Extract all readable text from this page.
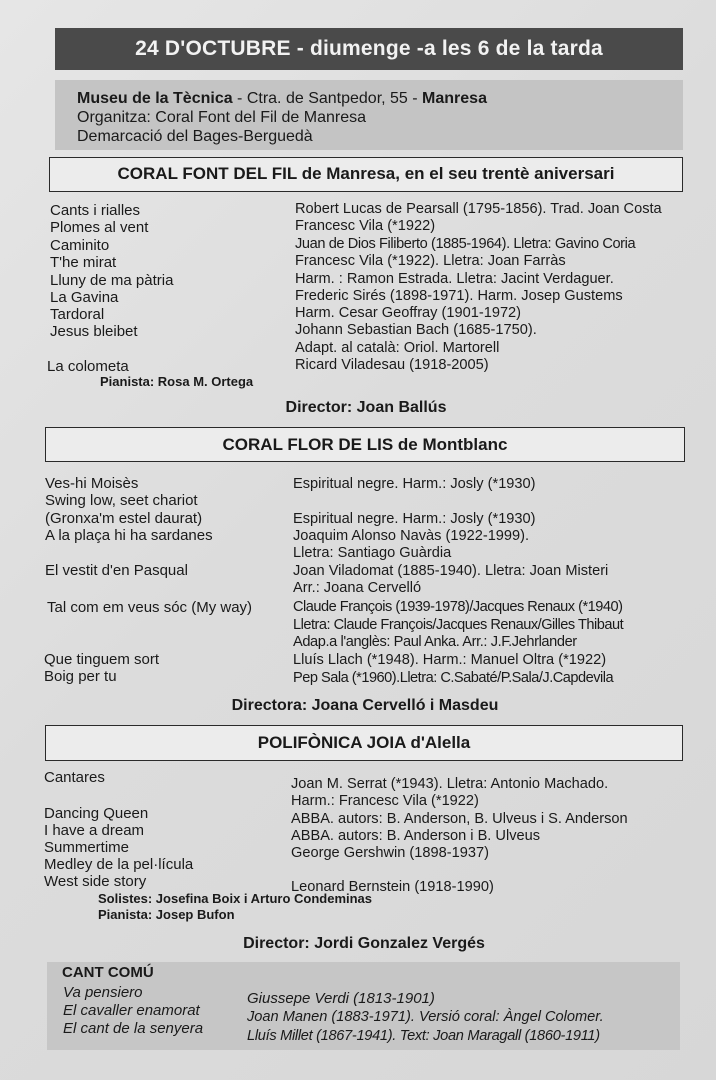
24 D'OCTUBRE - diumenge -a les 6 de la tarda
Museu de la Tècnica - Ctra. de Santpedor, 55 - Manresa
Organitza: Coral Font del Fil de Manresa
Demarcació del Bages-Berguedà
CORAL FONT DEL FIL de Manresa, en el seu trentè aniversari
Cants i rialles	Robert Lucas de Pearsall (1795-1856). Trad. Joan Costa
Plomes al vent	Francesc Vila (*1922)
Caminito	Juan de Dios Filiberto (1885-1964). Lletra: Gavino Coria
T'he mirat	Francesc Vila (*1922). Lletra: Joan Farràs
Lluny de ma pàtria	Harm. : Ramon Estrada. Lletra: Jacint Verdaguer.
La Gavina	Frederic Sirés (1898-1971). Harm. Josep Gustems
Tardoral	Harm. Cesar Geoffray (1901-1972)
Jesus bleibet	Johann Sebastian Bach (1685-1750).
Adapt. al català: Oriol. Martorell
La colometa	Ricard Viladesau (1918-2005)
Pianista: Rosa M. Ortega
Director: Joan Ballús
CORAL FLOR DE LIS de Montblanc
Ves-hi Moisès	Espiritual negre. Harm.: Josly (*1930)
Swing low, seet chariot
(Gronxa'm estel daurat)	Espiritual negre. Harm.: Josly (*1930)
A la plaça hi ha sardanes	Joaquim Alonso Navàs (1922-1999).
Lletra: Santiago Guàrdia
El vestit d'en Pasqual	Joan Viladomat (1885-1940). Lletra: Joan Misteri
Arr.: Joana Cervelló
Tal com em veus sóc (My way)	Claude François (1939-1978)/Jacques Renaux (*1940)
Lletra: Claude François/Jacques Renaux/Gilles Thibaut
Adap.a l'anglès: Paul Anka. Arr.: J.F.Jehrlander
Que tinguem sort	Lluís Llach (*1948). Harm.: Manuel Oltra (*1922)
Boig per tu	Pep Sala (*1960).Lletra: C.Sabaté/P.Sala/J.Capdevila
Directora: Joana Cervelló i Masdeu
POLIFÒNICA JOIA d'Alella
Cantares	Joan M. Serrat (*1943). Lletra: Antonio Machado.
Harm.: Francesc Vila (*1922)
Dancing Queen	ABBA. autors: B. Anderson, B. Ulveus i S. Anderson
I have a dream	ABBA. autors: B. Anderson i B. Ulveus
Summertime	George Gershwin (1898-1937)
Medley de la pel·lícula
West side story	Leonard Bernstein (1918-1990)
Solistes: Josefina Boix i Arturo Condeminas
Pianista: Josep Bufon
Director: Jordi Gonzalez Vergés
CANT COMÚ
Va pensiero	Giussepe Verdi (1813-1901)
El cavaller enamorat	Joan Manen (1883-1971). Versió coral: Àngel Colomer.
El cant de la senyera	Lluís Millet (1867-1941). Text: Joan Maragall (1860-1911)
